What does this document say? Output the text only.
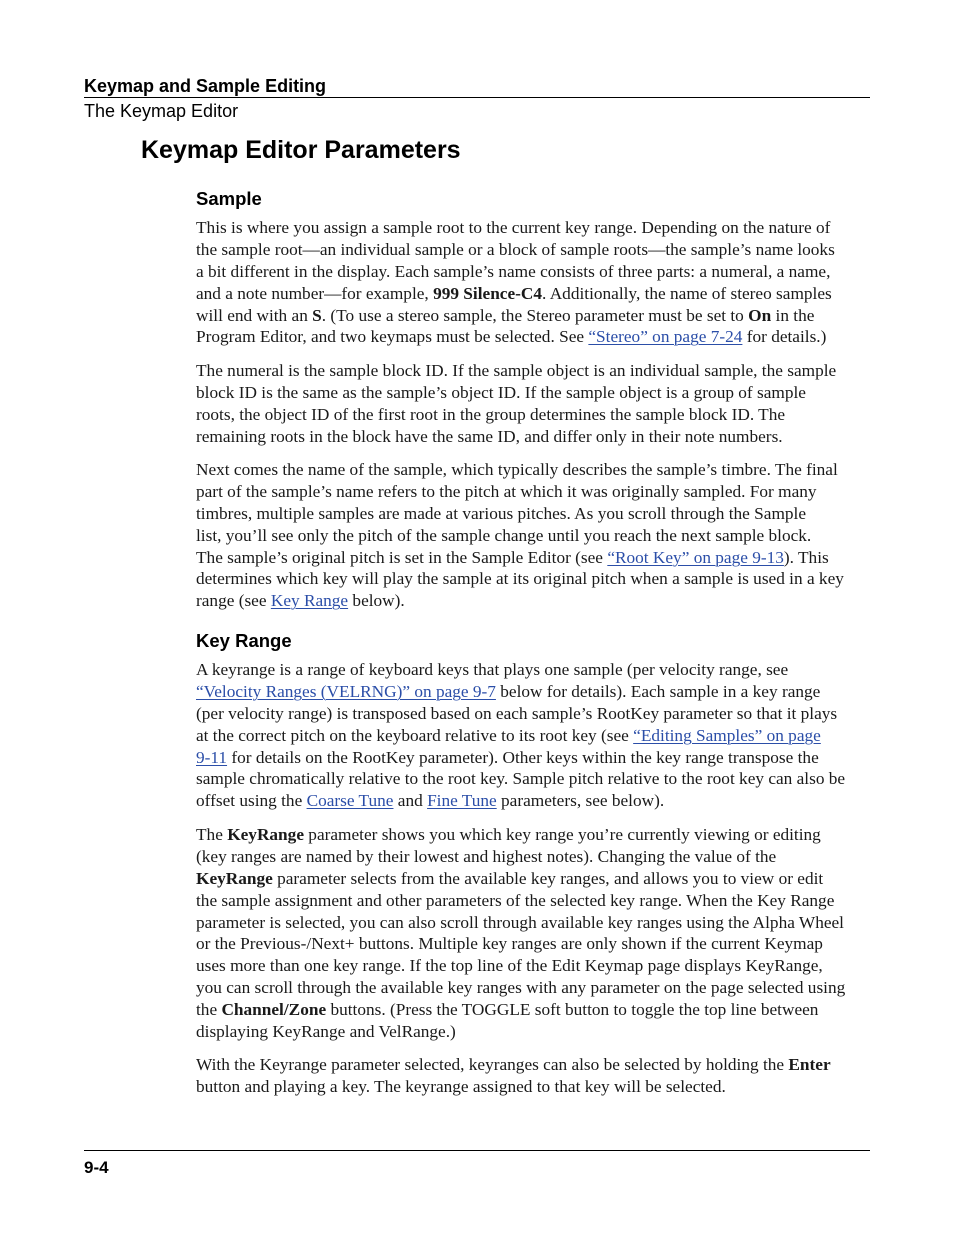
Keymap and Sample Editing
The Keymap Editor
Keymap Editor Parameters
Sample
This is where you assign a sample root to the current key range. Depending on the nature of
the sample root—an individual sample or a block of sample roots—the sample’s name looks
a bit different in the display. Each sample’s name consists of three parts: a numeral, a name,
and a note number—for example, 999 Silence-C4. Additionally, the name of stereo samples
will end with an S. (To use a stereo sample, the Stereo parameter must be set to On in the
Program Editor, and two keymaps must be selected. See “Stereo” on page 7-24 for details.)
The numeral is the sample block ID. If the sample object is an individual sample, the sample
block ID is the same as the sample’s object ID. If the sample object is a group of sample
roots, the object ID of the first root in the group determines the sample block ID. The
remaining roots in the block have the same ID, and differ only in their note numbers.
Next comes the name of the sample, which typically describes the sample’s timbre. The final
part of the sample’s name refers to the pitch at which it was originally sampled. For many
timbres, multiple samples are made at various pitches. As you scroll through the Sample
list, you’ll see only the pitch of the sample change until you reach the next sample block.
The sample’s original pitch is set in the Sample Editor (see “Root Key” on page 9-13). This
determines which key will play the sample at its original pitch when a sample is used in a key
range (see Key Range below).
Key Range
A keyrange is a range of keyboard keys that plays one sample (per velocity range, see
“Velocity Ranges (VELRNG)” on page 9-7 below for details). Each sample in a key range
(per velocity range) is transposed based on each sample’s RootKey parameter so that it plays
at the correct pitch on the keyboard relative to its root key (see “Editing Samples” on page
9-11 for details on the RootKey parameter). Other keys within the key range transpose the
sample chromatically relative to the root key. Sample pitch relative to the root key can also be
offset using the Coarse Tune and Fine Tune parameters, see below).
The KeyRange parameter shows you which key range you’re currently viewing or editing
(key ranges are named by their lowest and highest notes). Changing the value of the
KeyRange parameter selects from the available key ranges, and allows you to view or edit
the sample assignment and other parameters of the selected key range. When the Key Range
parameter is selected, you can also scroll through available key ranges using the Alpha Wheel
or the Previous-/Next+ buttons. Multiple key ranges are only shown if the current Keymap
uses more than one key range. If the top line of the Edit Keymap page displays KeyRange,
you can scroll through the available key ranges with any parameter on the page selected using
the Channel/Zone buttons. (Press the TOGGLE soft button to toggle the top line between
displaying KeyRange and VelRange.)
With the Keyrange parameter selected, keyranges can also be selected by holding the Enter
button and playing a key. The keyrange assigned to that key will be selected.
9-4
